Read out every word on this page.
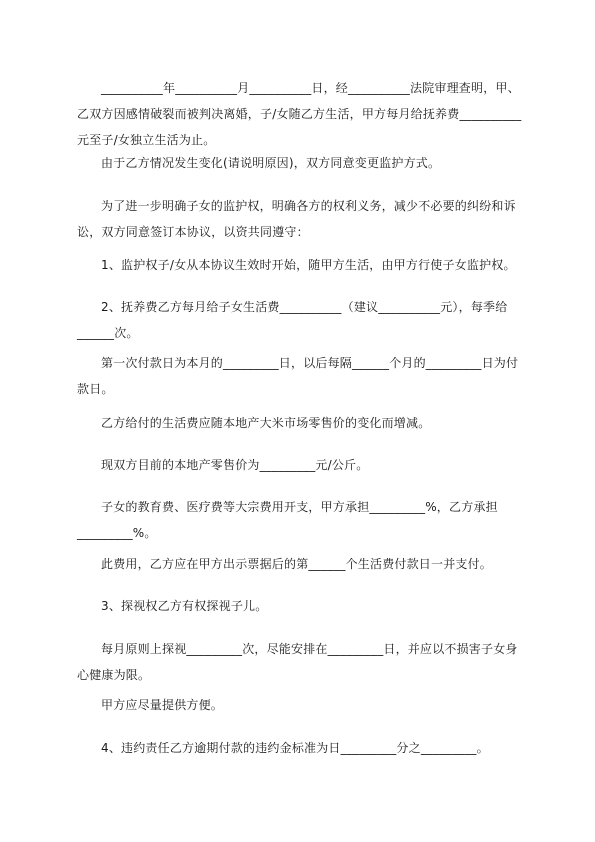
__________年__________月__________日，经__________法院审理查明，甲、乙双方因感情破裂而被判决离婚，子/女随乙方生活，甲方每月给抚养费__________元至子/女独立生活为止。

由于乙方情况发生变化(请说明原因)，双方同意变更监护方式。

为了进一步明确子女的监护权，明确各方的权利义务，减少不必要的纠纷和诉讼，双方同意签订本协议，以资共同遵守：

1、监护权子/女从本协议生效时开始，随甲方生活，由甲方行使子女监护权。

2、抚养费乙方每月给子女生活费__________（建议__________元），每季给______次。

第一次付款日为本月的_________日，以后每隔______个月的_________日为付款日。

乙方给付的生活费应随本地产大米市场零售价的变化而增减。

现双方目前的本地产零售价为_________元/公斤。

子女的教育费、医疗费等大宗费用开支，甲方承担_________%，乙方承担_________%。

此费用，乙方应在甲方出示票据后的第______个生活费付款日一并支付。

3、探视权乙方有权探视子儿。

每月原则上探视_________次，尽能安排在_________日，并应以不损害子女身心健康为限。

甲方应尽量提供方便。

4、违约责任乙方逾期付款的违约金标准为日_________分之_________。
